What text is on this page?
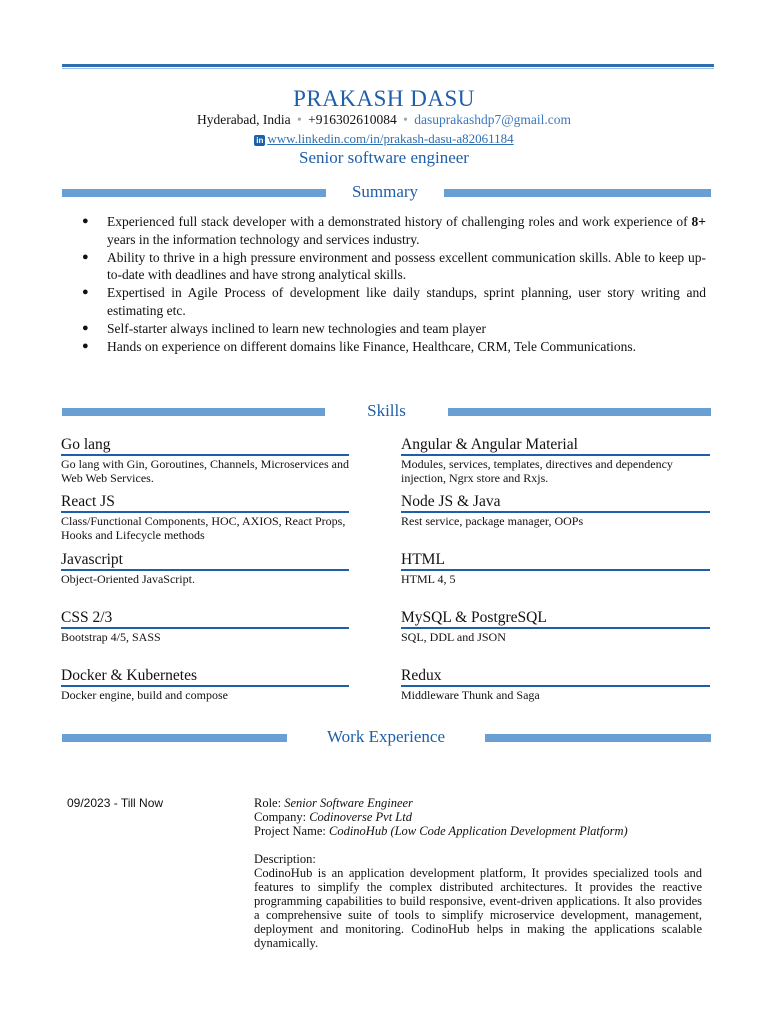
PRAKASH DASU
Hyderabad, India • +916302610084 • dasuprakashdp7@gmail.com
in www.linkedin.com/in/prakash-dasu-a82061184
Senior software engineer
Summary
● Experienced full stack developer with a demonstrated history of challenging roles and work experience of 8+ years in the information technology and services industry.
● Ability to thrive in a high pressure environment and possess excellent communication skills. Able to keep up-to-date with deadlines and have strong analytical skills.
● Expertised in Agile Process of development like daily standups, sprint planning, user story writing and estimating etc.
● Self-starter always inclined to learn new technologies and team player
● Hands on experience on different domains like Finance, Healthcare, CRM, Tele Communications.
Skills
Go lang
Go lang with Gin, Goroutines, Channels, Microservices and Web Web Services.
Angular & Angular Material
Modules, services, templates, directives and dependency injection, Ngrx store and Rxjs.
React JS
Class/Functional Components, HOC, AXIOS, React Props, Hooks and Lifecycle methods
Node JS & Java
Rest service, package manager, OOPs
Javascript
Object-Oriented JavaScript.
HTML
HTML 4, 5
CSS 2/3
Bootstrap 4/5, SASS
MySQL & PostgreSQL
SQL, DDL and JSON
Docker & Kubernetes
Docker engine, build and compose
Redux
Middleware Thunk and Saga
Work Experience
09/2023 - Till Now	Role: Senior Software Engineer
Company: Codinoverse Pvt Ltd
Project Name: CodinoHub (Low Code Application Development Platform)
Description:
CodinoHub is an application development platform, It provides specialized tools and features to simplify the complex distributed architectures. It provides the reactive programming capabilities to build responsive, event-driven applications. It also provides a comprehensive suite of tools to simplify microservice development, management, deployment and monitoring. CodinoHub helps in making the applications scalable dynamically.
